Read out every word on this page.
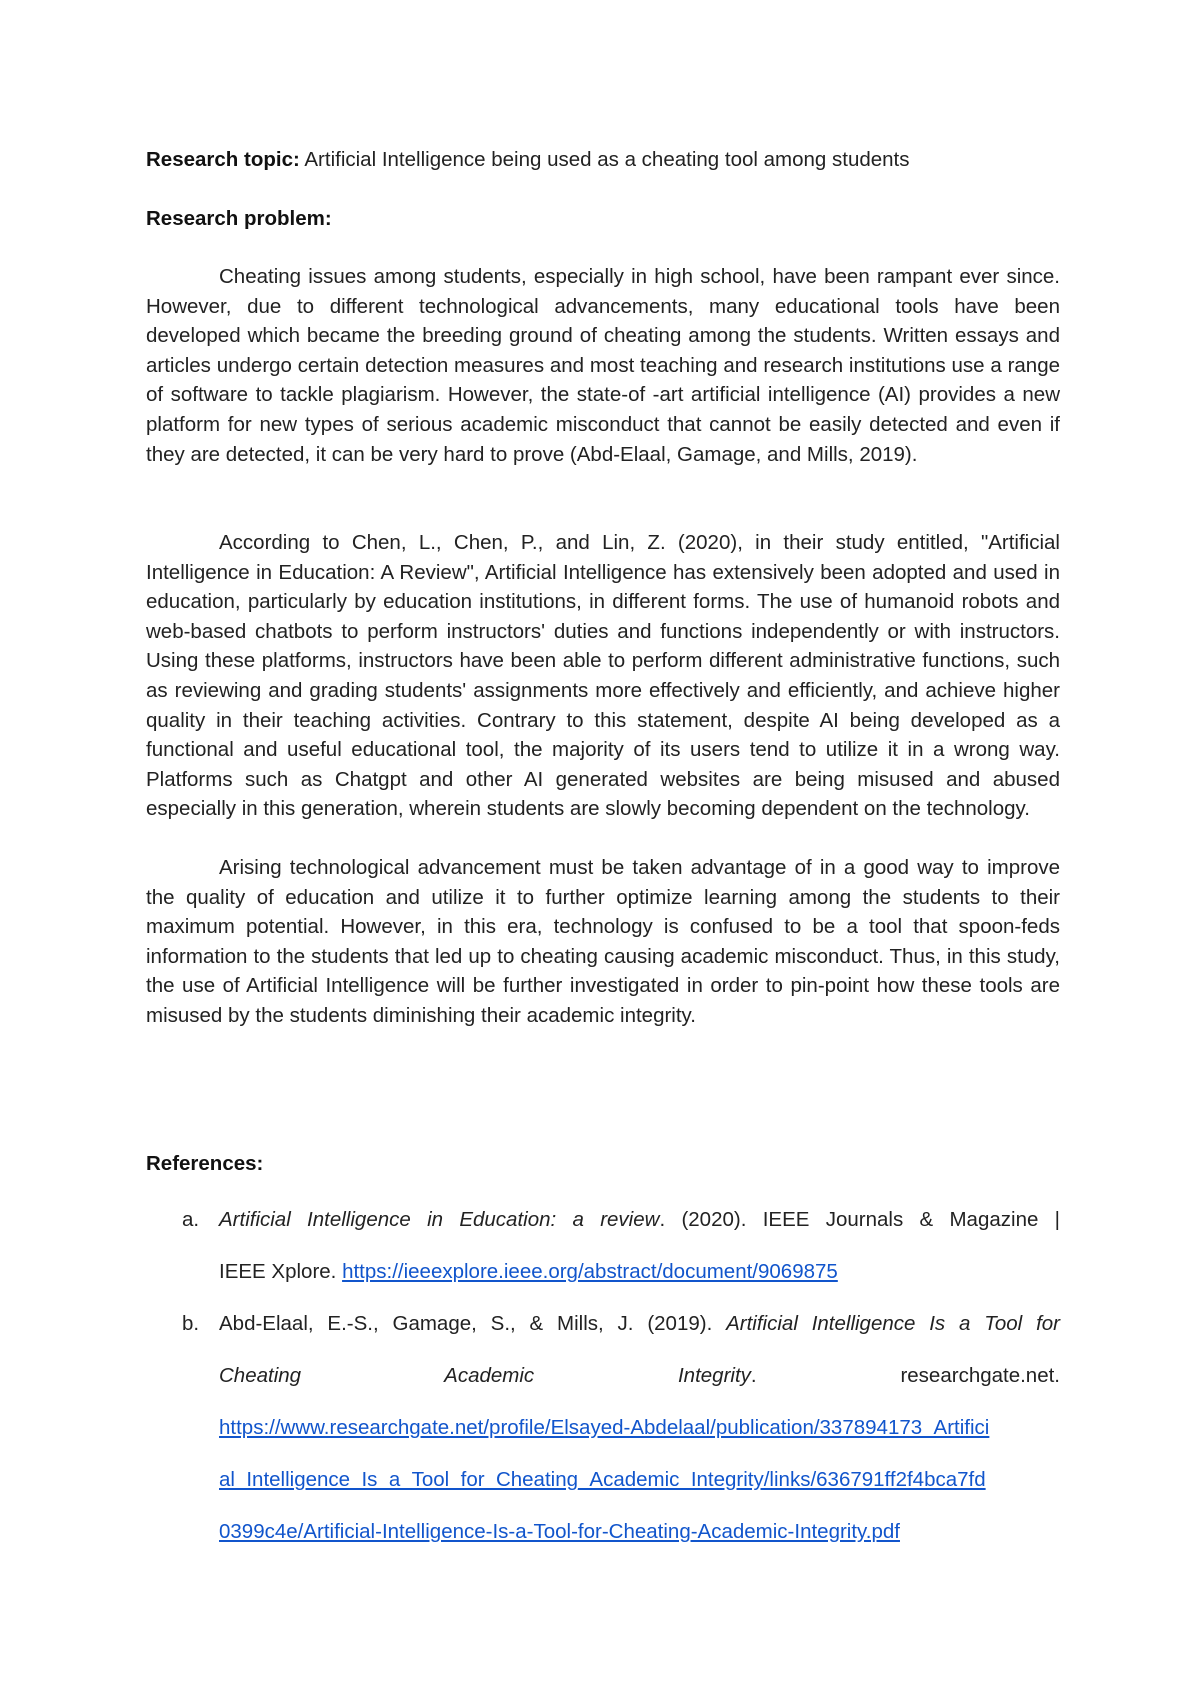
Research topic: Artificial Intelligence being used as a cheating tool among students
Research problem:
Cheating issues among students, especially in high school, have been rampant ever since. However, due to different technological advancements, many educational tools have been developed which became the breeding ground of cheating among the students. Written essays and articles undergo certain detection measures and most teaching and research institutions use a range of software to tackle plagiarism. However, the state-of -art artificial intelligence (AI) provides a new platform for new types of serious academic misconduct that cannot be easily detected and even if they are detected, it can be very hard to prove (Abd-Elaal, Gamage, and Mills, 2019).
According to Chen, L., Chen, P., and Lin, Z. (2020), in their study entitled, "Artificial Intelligence in Education: A Review", Artificial Intelligence has extensively been adopted and used in education, particularly by education institutions, in different forms. The use of humanoid robots and web-based chatbots to perform instructors' duties and functions independently or with instructors. Using these platforms, instructors have been able to perform different administrative functions, such as reviewing and grading students' assignments more effectively and efficiently, and achieve higher quality in their teaching activities. Contrary to this statement, despite AI being developed as a functional and useful educational tool, the majority of its users tend to utilize it in a wrong way. Platforms such as Chatgpt and other AI generated websites are being misused and abused especially in this generation, wherein students are slowly becoming dependent on the technology.
Arising technological advancement must be taken advantage of in a good way to improve the quality of education and utilize it to further optimize learning among the students to their maximum potential. However, in this era, technology is confused to be a tool that spoon-feds information to the students that led up to cheating causing academic misconduct. Thus, in this study, the use of Artificial Intelligence will be further investigated in order to pin-point how these tools are misused by the students diminishing their academic integrity.
References:
a. Artificial Intelligence in Education: a review. (2020). IEEE Journals & Magazine |
IEEE Xplore. https://ieeexplore.ieee.org/abstract/document/9069875
b. Abd-Elaal, E.-S., Gamage, S., & Mills, J. (2019). Artificial Intelligence Is a Tool for
Cheating Academic Integrity. researchgate.net.
https://www.researchgate.net/profile/Elsayed-Abdelaal/publication/337894173_Artifici
al_Intelligence_Is_a_Tool_for_Cheating_Academic_Integrity/links/636791ff2f4bca7fd
0399c4e/Artificial-Intelligence-Is-a-Tool-for-Cheating-Academic-Integrity.pdf
